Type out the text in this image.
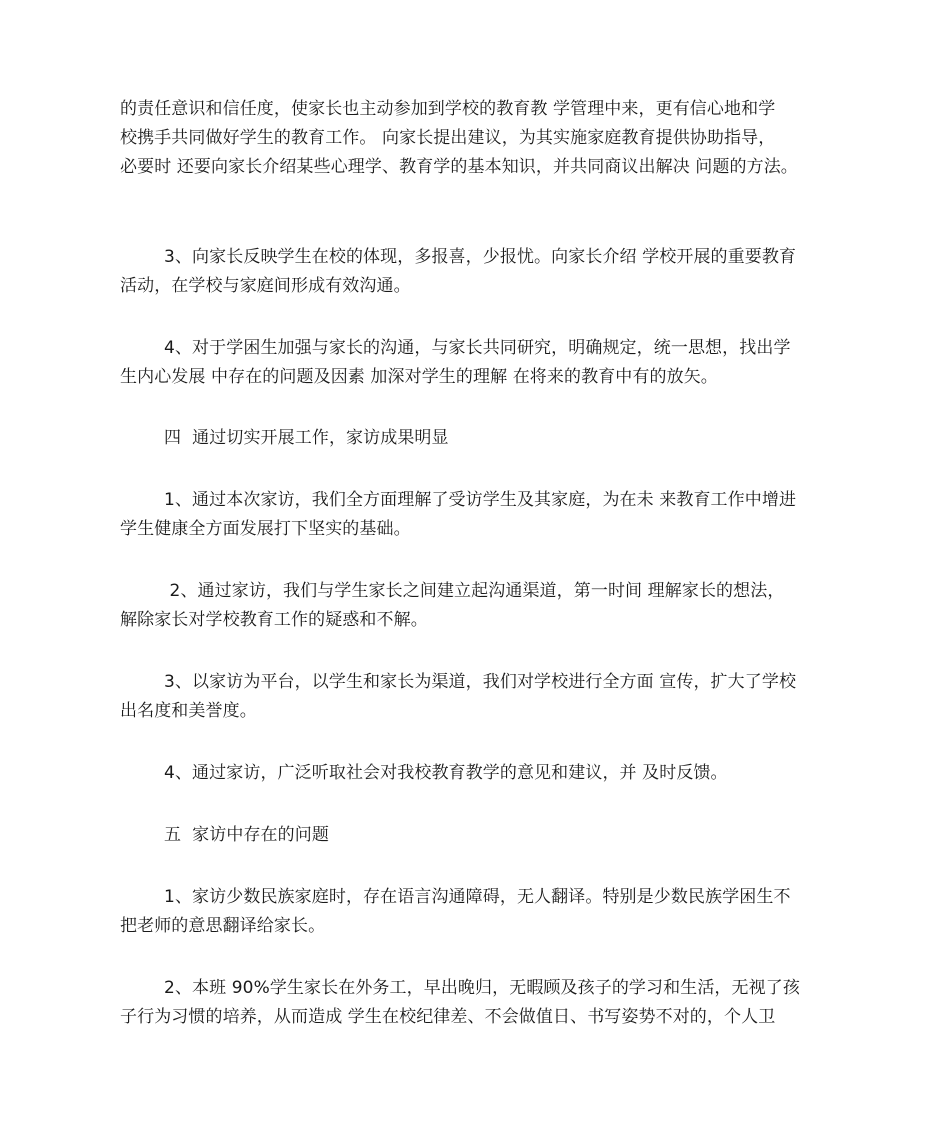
的责任意识和信任度，使家长也主动参加到学校的教育教 学管理中来，更有信心地和学
校携手共同做好学生的教育工作。 向家长提出建议，为其实施家庭教育提供协助指导，
必要时 还要向家长介绍某些心理学、教育学的基本知识，并共同商议出解决 问题的方法。
3、向家长反映学生在校的体现，多报喜，少报忧。向家长介绍 学校开展的重要教育
活动，在学校与家庭间形成有效沟通。
4、对于学困生加强与家长的沟通，与家长共同研究，明确规定，统一思想，找出学
生内心发展 中存在的问题及因素 加深对学生的理解 在将来的教育中有的放矢。
四  通过切实开展工作，家访成果明显
1、通过本次家访，我们全方面理解了受访学生及其家庭，为在未 来教育工作中增进
学生健康全方面发展打下坚实的基础。
2、通过家访，我们与学生家长之间建立起沟通渠道，第一时间 理解家长的想法，
解除家长对学校教育工作的疑惑和不解。
3、以家访为平台，以学生和家长为渠道，我们对学校进行全方面 宣传，扩大了学校
出名度和美誉度。
4、通过家访，广泛听取社会对我校教育教学的意见和建议，并 及时反馈。
五  家访中存在的问题
1、家访少数民族家庭时，存在语言沟通障碍，无人翻译。特别是少数民族学困生不
把老师的意思翻译给家长。
2、本班 90%学生家长在外务工，早出晚归，无暇顾及孩子的学习和生活，无视了孩
子行为习惯的培养，从而造成 学生在校纪律差、不会做值日、书写姿势不对的，个人卫
